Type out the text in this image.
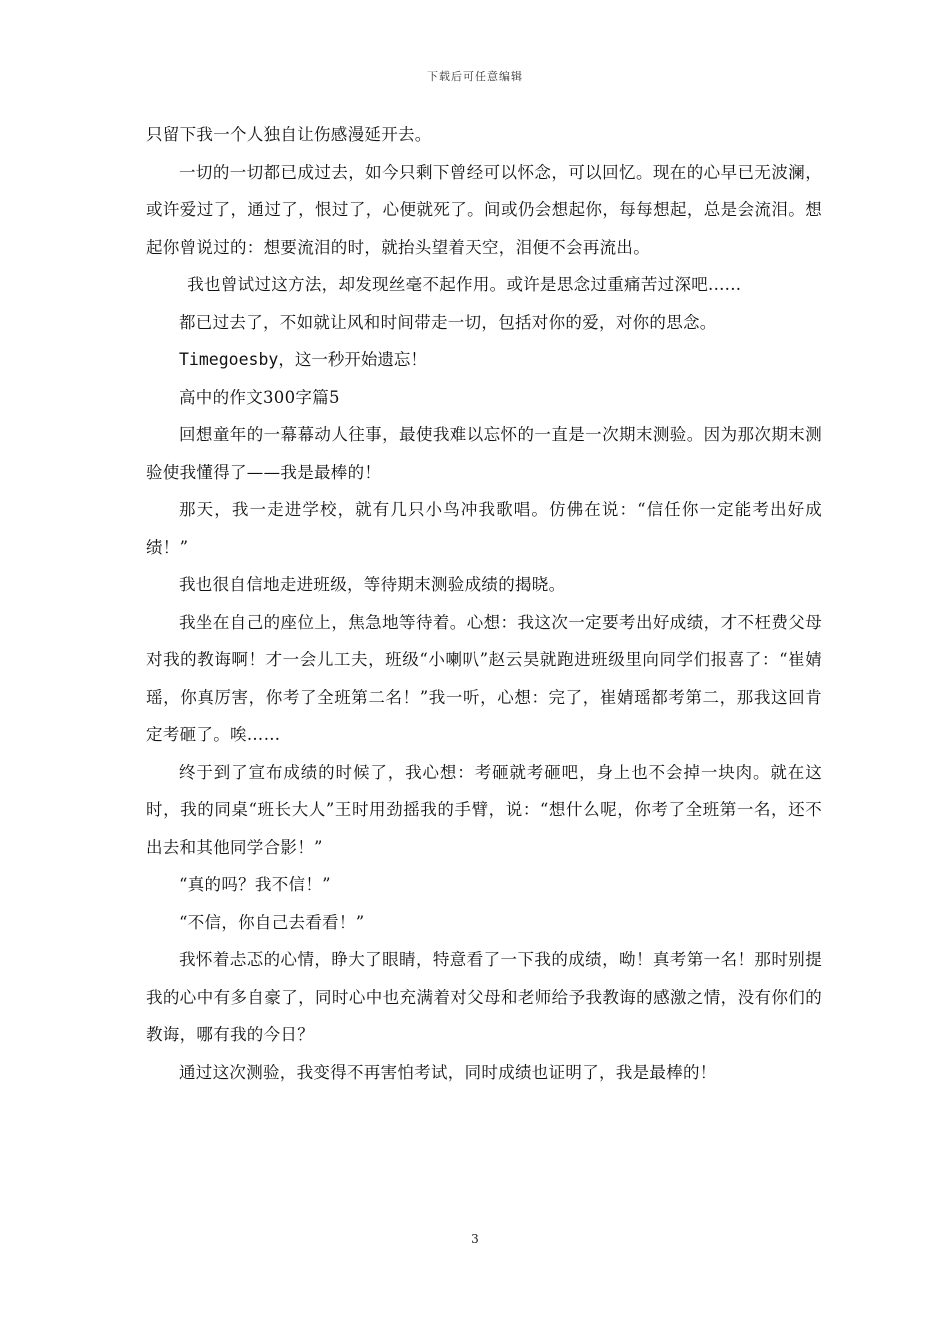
下载后可任意编辑

只留下我一个人独自让伤感漫延开去。

一切的一切都已成过去，如今只剩下曾经可以怀念，可以回忆。现在的心早已无波澜，或许爱过了，通过了，恨过了，心便就死了。间或仍会想起你，每每想起，总是会流泪。想起你曾说过的：想要流泪的时，就抬头望着天空，泪便不会再流出。

我也曾试过这方法，却发现丝毫不起作用。或许是思念过重痛苦过深吧......

都已过去了，不如就让风和时间带走一切，包括对你的爱，对你的思念。

Timegoesby，这一秒开始遗忘！

高中的作文300字篇5

回想童年的一幕幕动人往事，最使我难以忘怀的一直是一次期末测验。因为那次期末测验使我懂得了——我是最棒的！

那天，我一走进学校，就有几只小鸟冲我歌唱。仿佛在说：“信任你一定能考出好成绩！”

我也很自信地走进班级，等待期末测验成绩的揭晓。

我坐在自己的座位上，焦急地等待着。心想：我这次一定要考出好成绩，才不枉费父母对我的教诲啊！才一会儿工夫，班级“小喇叭”赵云昊就跑进班级里向同学们报喜了：“崔婧瑶，你真厉害，你考了全班第二名！”我一听，心想：完了，崔婧瑶都考第二，那我这回肯定考砸了。唉……

终于到了宣布成绩的时候了，我心想：考砸就考砸吧，身上也不会掉一块肉。就在这时，我的同桌“班长大人”王时用劲摇我的手臂，说：“想什么呢，你考了全班第一名，还不出去和其他同学合影！”

“真的吗？我不信！”

“不信，你自己去看看！”

我怀着忐忑的心情，睁大了眼睛，特意看了一下我的成绩，呦！真考第一名！那时别提我的心中有多自豪了，同时心中也充满着对父母和老师给予我教诲的感激之情，没有你们的教诲，哪有我的今日？

通过这次测验，我变得不再害怕考试，同时成绩也证明了，我是最棒的！

3
